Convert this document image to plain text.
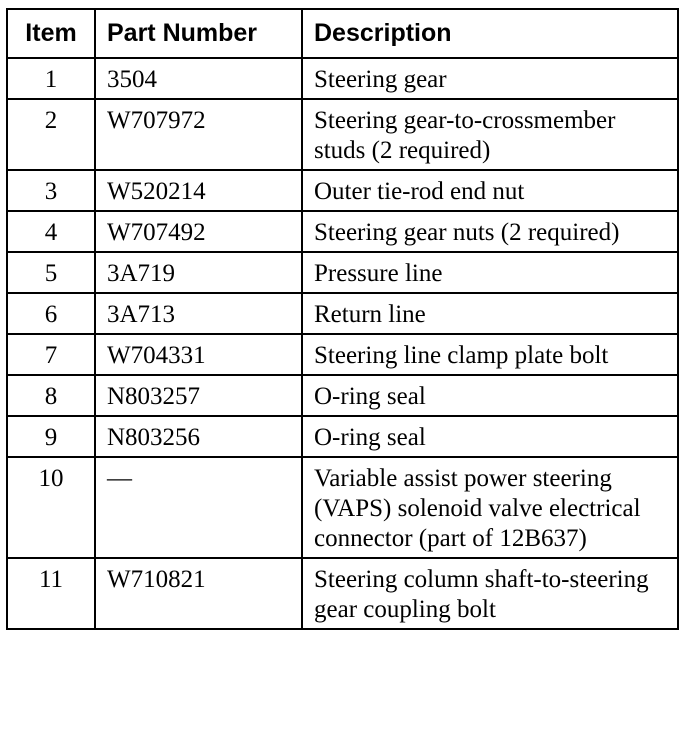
Item	Part Number	Description
1	3504	Steering gear
2	W707972	Steering gear-to-crossmember studs (2 required)
3	W520214	Outer tie-rod end nut
4	W707492	Steering gear nuts (2 required)
5	3A719	Pressure line
6	3A713	Return line
7	W704331	Steering line clamp plate bolt
8	N803257	O-ring seal
9	N803256	O-ring seal
10	—	Variable assist power steering (VAPS) solenoid valve electrical connector (part of 12B637)
11	W710821	Steering column shaft-to-steering gear coupling bolt
